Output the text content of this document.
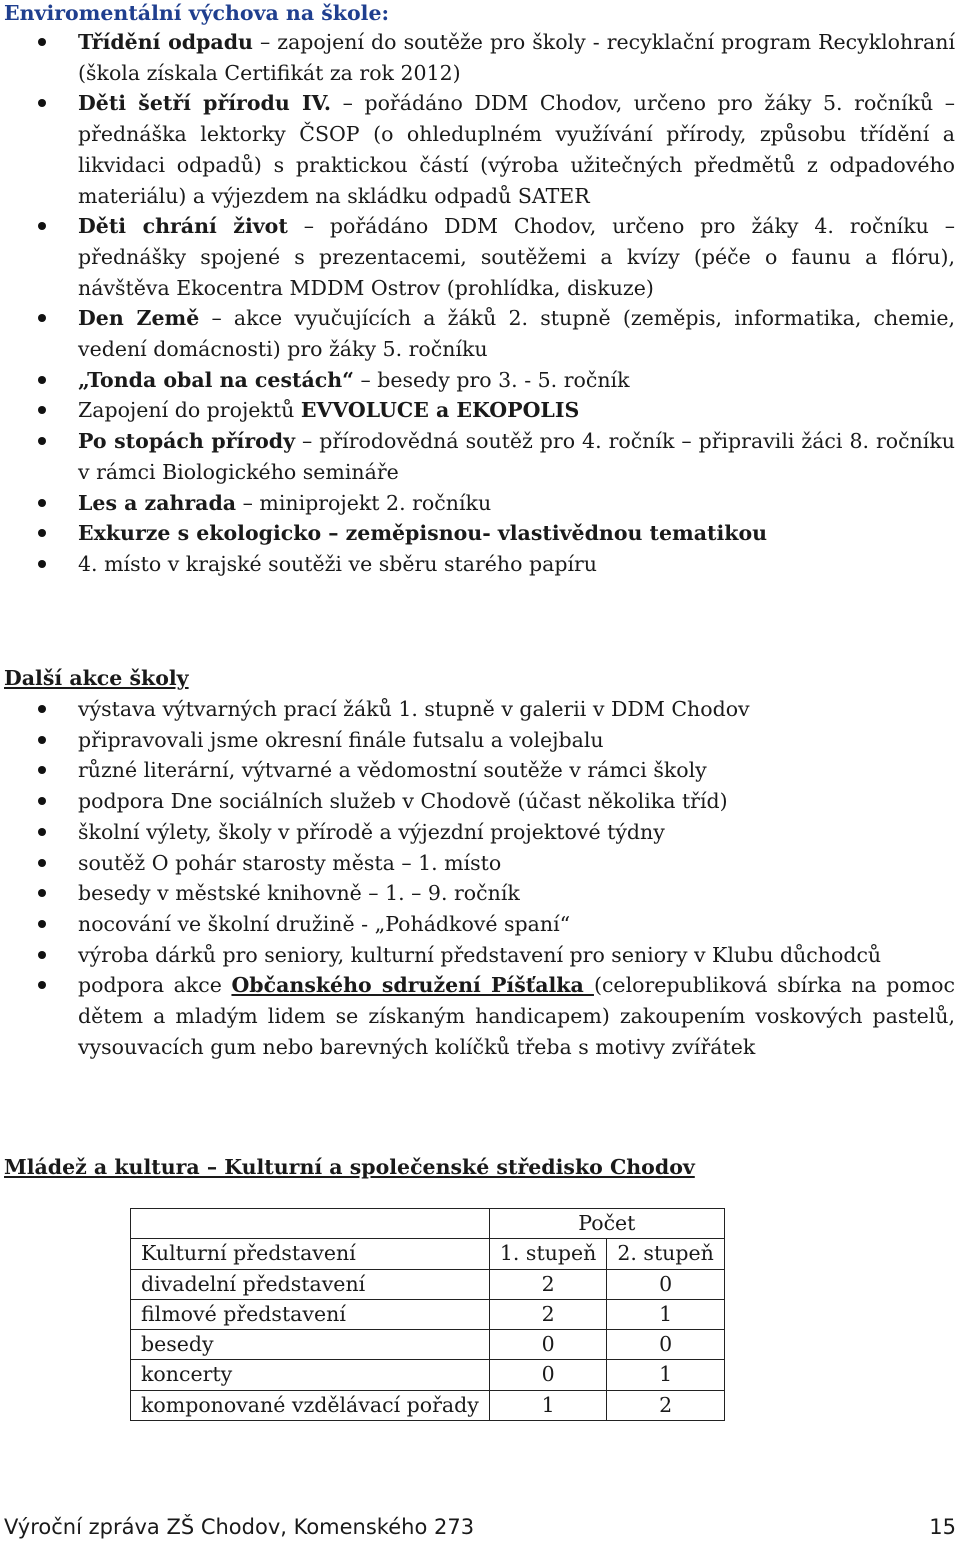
Enviromentální výchova na škole:
Třídění odpadu – zapojení do soutěže pro školy - recyklační program Recyklohraní (škola získala Certifikát za rok 2012)
Děti šetří přírodu IV. – pořádáno DDM Chodov, určeno pro žáky 5. ročníků – přednáška lektorky ČSOP (o ohleduplném využívání přírody, způsobu třídění a likvidaci odpadů) s praktickou částí (výroba užitečných předmětů z odpadového materiálu) a výjezdem na skládku odpadů SATER
Děti chrání život – pořádáno DDM Chodov, určeno pro žáky 4. ročníku – přednášky spojené s prezentacemi, soutěžemi a kvízy (péče o faunu a flóru), návštěva Ekocentra MDDM Ostrov (prohlídka, diskuze)
Den Země – akce vyučujících a žáků 2. stupně (zeměpis, informatika, chemie, vedení domácnosti) pro žáky 5. ročníku
„Tonda obal na cestách“ – besedy pro 3. - 5. ročník
Zapojení do projektů EVVOLUCE a EKOPOLIS
Po stopách přírody – přírodovědná soutěž pro 4. ročník – připravili žáci 8. ročníku v rámci Biologického semináře
Les a zahrada – miniprojekt 2. ročníku
Exkurze s ekologicko – zeměpisnou- vlastivědnou tematikou
4. místo v krajské soutěži ve sběru starého papíru
Další akce školy
výstava výtvarných prací žáků 1. stupně v galerii v DDM Chodov
připravovali jsme okresní finále futsalu a volejbalu
různé literární, výtvarné a vědomostní soutěže v rámci školy
podpora Dne sociálních služeb v Chodově (účast několika tříd)
školní výlety, školy v přírodě a výjezdní projektové týdny
soutěž O pohár starosty města – 1. místo
besedy v městské knihovně – 1. – 9. ročník
nocování ve školní družině - „Pohádkové spaní“
výroba dárků pro seniory, kulturní představení pro seniory v Klubu důchodců
podpora akce Občanského sdružení Píšťalka (celorepubliková sbírka na pomoc dětem a mladým lidem se získaným handicapem) zakoupením voskových pastelů, vysouvacích gum nebo barevných kolíčků třeba s motivy zvířátek
Mládež a kultura – Kulturní a společenské středisko Chodov
	Počet	
Kulturní představení	1. stupeň	2. stupeň
divadelní představení	2	0
filmové představení	2	1
besedy	0	0
koncerty	0	1
komponované vzdělávací pořady	1	2
Výroční zpráva ZŠ Chodov, Komenského 273	15
